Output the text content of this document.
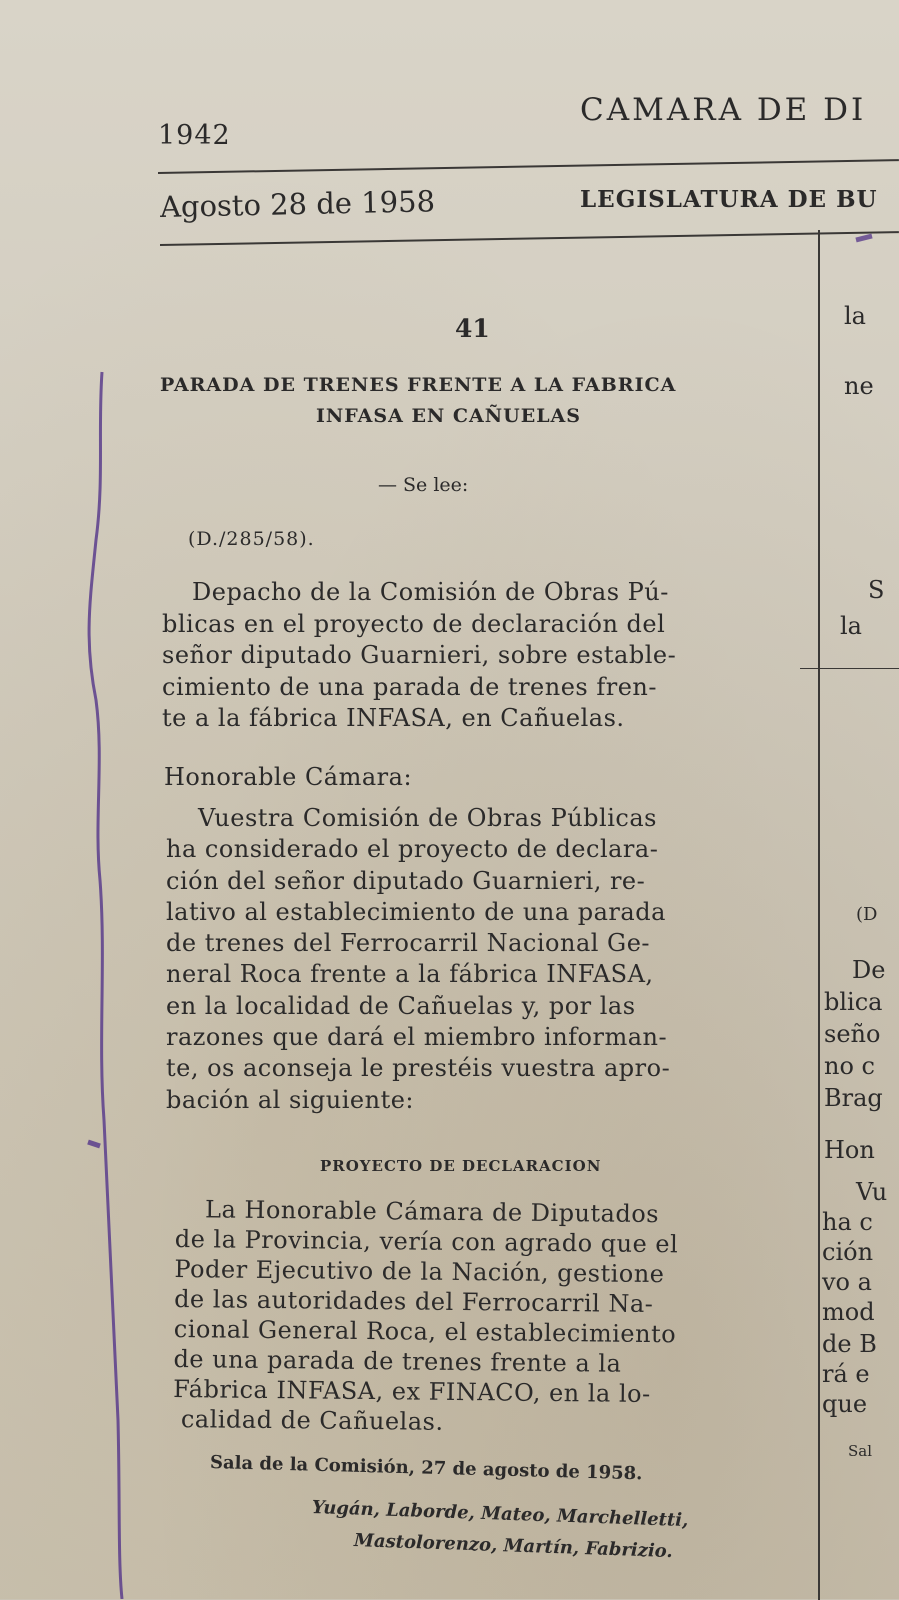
1942
CAMARA DE DI
Agosto 28 de 1958	LEGISLATURA DE BU
41
PARADA DE TRENES FRENTE A LA FABRICA
INFASA EN CAÑUELAS
— Se lee:
(D./285/58).
Depacho de la Comisión de Obras Pú-
blicas en el proyecto de declaración del
señor diputado Guarnieri, sobre estable-
cimiento de una parada de trenes fren-
te a la fábrica INFASA, en Cañuelas.
Honorable Cámara:
Vuestra Comisión de Obras Públicas
ha considerado el proyecto de declara-
ción del señor diputado Guarnieri, re-
lativo al establecimiento de una parada
de trenes del Ferrocarril Nacional Ge-
neral Roca frente a la fábrica INFASA,
en la localidad de Cañuelas y, por las
razones que dará el miembro informan-
te, os aconseja le prestéis vuestra apro-
bación al siguiente:
PROYECTO DE DECLARACION
La Honorable Cámara de Diputados
de la Provincia, vería con agrado que el
Poder Ejecutivo de la Nación, gestione
de las autoridades del Ferrocarril Na-
cional General Roca, el establecimiento
de una parada de trenes frente a la
Fábrica INFASA, ex FINACO, en la lo-
calidad de Cañuelas.
Sala de la Comisión, 27 de agosto de 1958.
Yugán, Laborde, Mateo, Marchelletti,
Mastolorenzo, Martín, Fabrizio.
la
ne
S
la
(D
De
blica
seño
no c
Brag
Hon
Vu
ha c
ción
vo a
mod
de B
rá e
que
Sal
